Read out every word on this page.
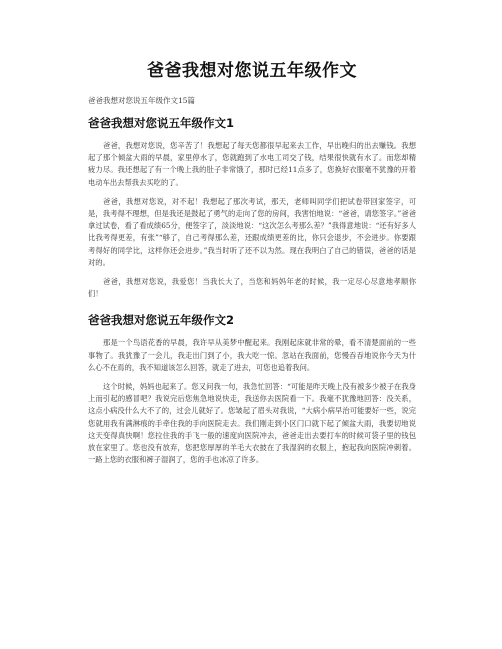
爸爸我想对您说五年级作文
爸爸我想对您说五年级作文15篇
爸爸我想对您说五年级作文1

爸爸，我想对您说，您辛苦了！我想起了每天您都很早起来去工作，早出晚归的出去赚钱。我想起了那个倾盆大雨的早晨，家里停水了，您就跑到了水电工司交了钱，结果很快就有水了。而您却精疲力尽。我还想起了有一个晚上我的肚子非常饿了，那时已经11点多了，您换好衣服毫不犹豫的开着电动车出去帮我去买吃的了。

爸爸，我想对您说，对不起！我想起了那次考试，那天，老师叫同学们把试卷带回家签字，可是，我考得不理想，但是我还是鼓起了勇气的走向了您的房间，我害怕地说：“爸爸，请您签字。”爸爸拿过试卷，看了看成绩65分，便签字了，淡淡地说：“这次怎么考那么差？”我得意地说：“还有好多人比我考得更差，有张”“够了，自己考得那么差，还跟成绩更差的比，你只会退步，不会进步。你要跟考得好的同学比，这样你还会进步。”我当时听了还不以为然。现在我明白了自己的错误，爸爸的话是对的。

爸爸，我想对您说，我爱您！当我长大了，当您和妈妈年老的时候，我一定尽心尽意地孝顺你们！

爸爸我想对您说五年级作文2

那是一个鸟语花香的早晨，我许早从美梦中醒起来。我刚起床就非常的晕，看不清楚面前的一些事物了。我犹豫了一会儿，我走出门到了小，我大吃一惊。忽站在我面前，您慢吞吞地说你今天为什么心不在焉的，我不知道该怎么回答，就走了进去，可您也追着我问。

这个时候，妈妈也起来了。您又问我一句，我急忙回答：“可能是昨天晚上没有被多少被子在我身上而引起的感冒吧？我说完后您焦急地说快走，我送你去医院看一下。我毫不犹豫地回答：没关系，这点小病没什么大不了的，过会儿就好了。您皱起了眉头对我说，“大病小病早治可能要好一些，说完您就用我有满淋痕的手牵住我的手向医院走去。我们刚走到小区门口就下起了倾盆大雨，我要切地说这天变得真快啊！您拉住我的手飞一般的速度向医院冲去，爸爸走出去要打车的时候可袋子里的钱包放在家里了。您也没有放弃，您把您厚厚的羊毛大衣披在了我湿润的衣服上，抱起我向医院冲刺着。一路上您的衣服和裤子湿润了，您的手也冰凉了许多。
